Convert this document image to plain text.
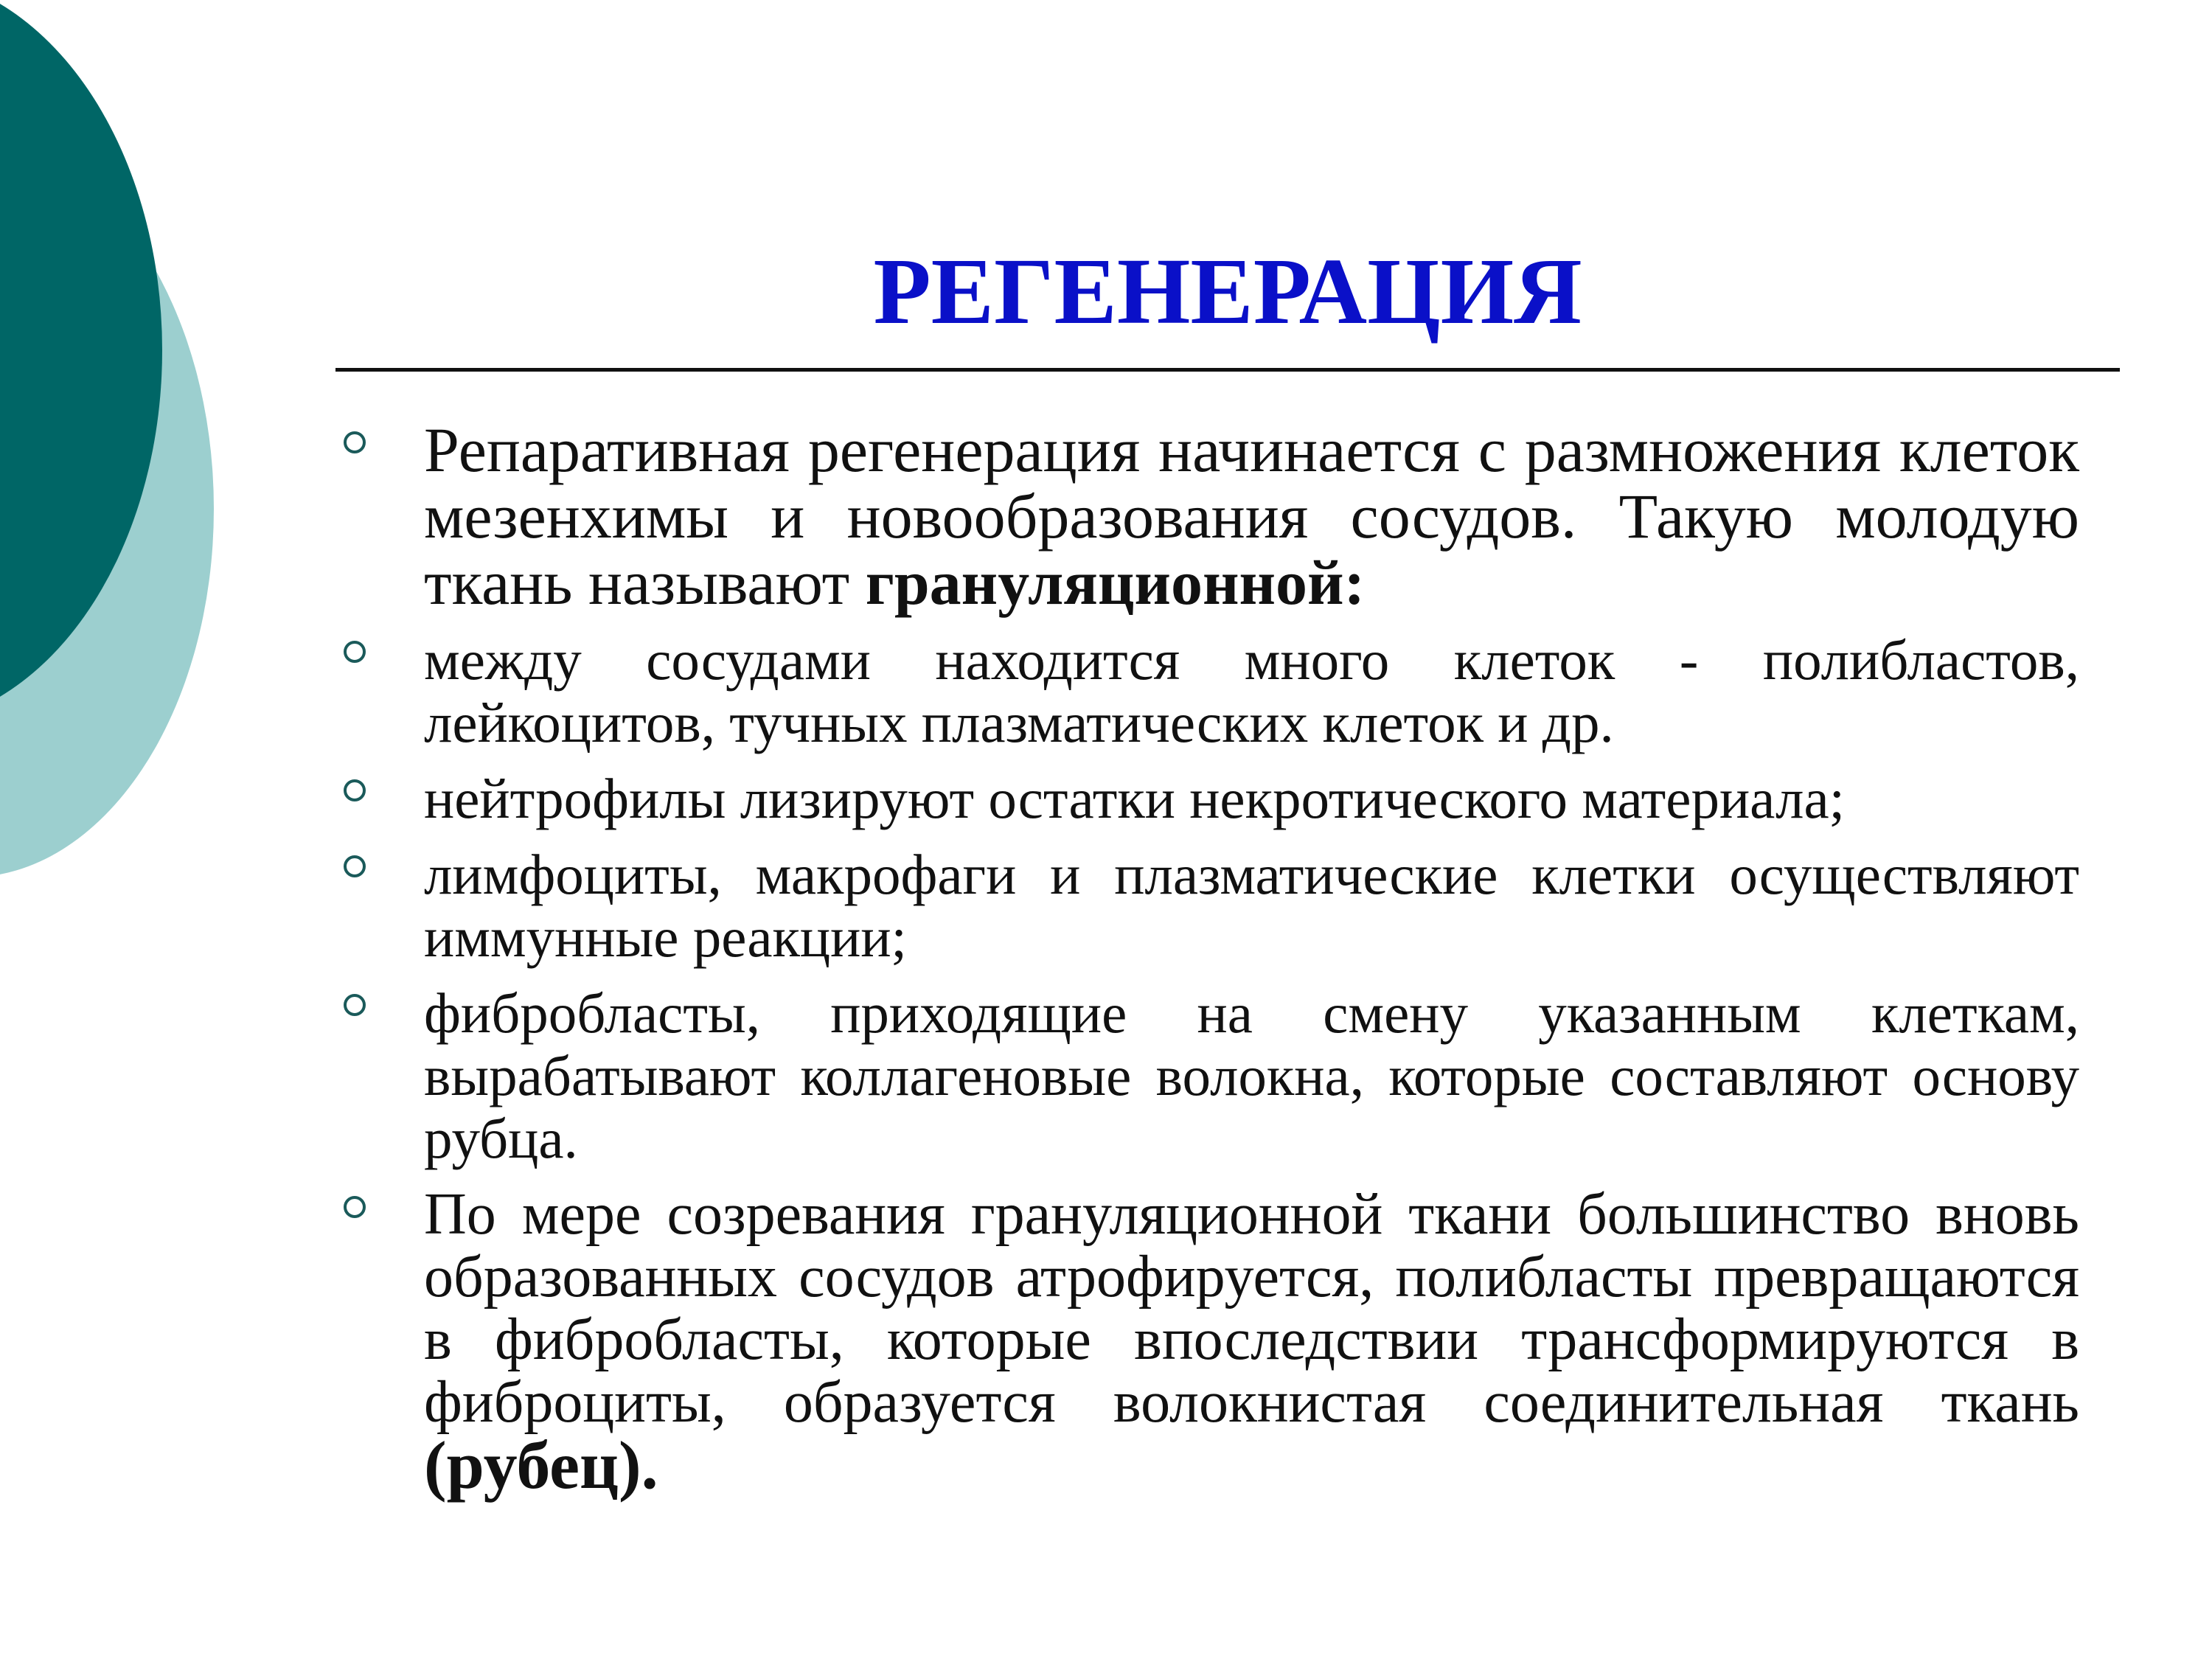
РЕГЕНЕРАЦИЯ
Репаративная регенерация начинается с размножения клеток мезенхимы и новообразования сосудов. Такую молодую ткань называют грануляционной:
между сосудами находится много клеток - полибластов, лейкоцитов, тучных плазматических клеток и др.
нейтрофилы лизируют остатки некротического материала;
лимфоциты, макрофаги и плазматические клетки осуществляют иммунные реакции;
фибробласты, приходящие на смену указанным клеткам, вырабатывают коллагеновые волокна, которые составляют основу рубца.
По мере созревания грануляционной ткани большинство вновь образованных сосудов атрофируется, полибласты превращаются в фибробласты, которые впоследствии трансформируются в фиброциты, образуется волокнистая соединительная ткань (рубец).
